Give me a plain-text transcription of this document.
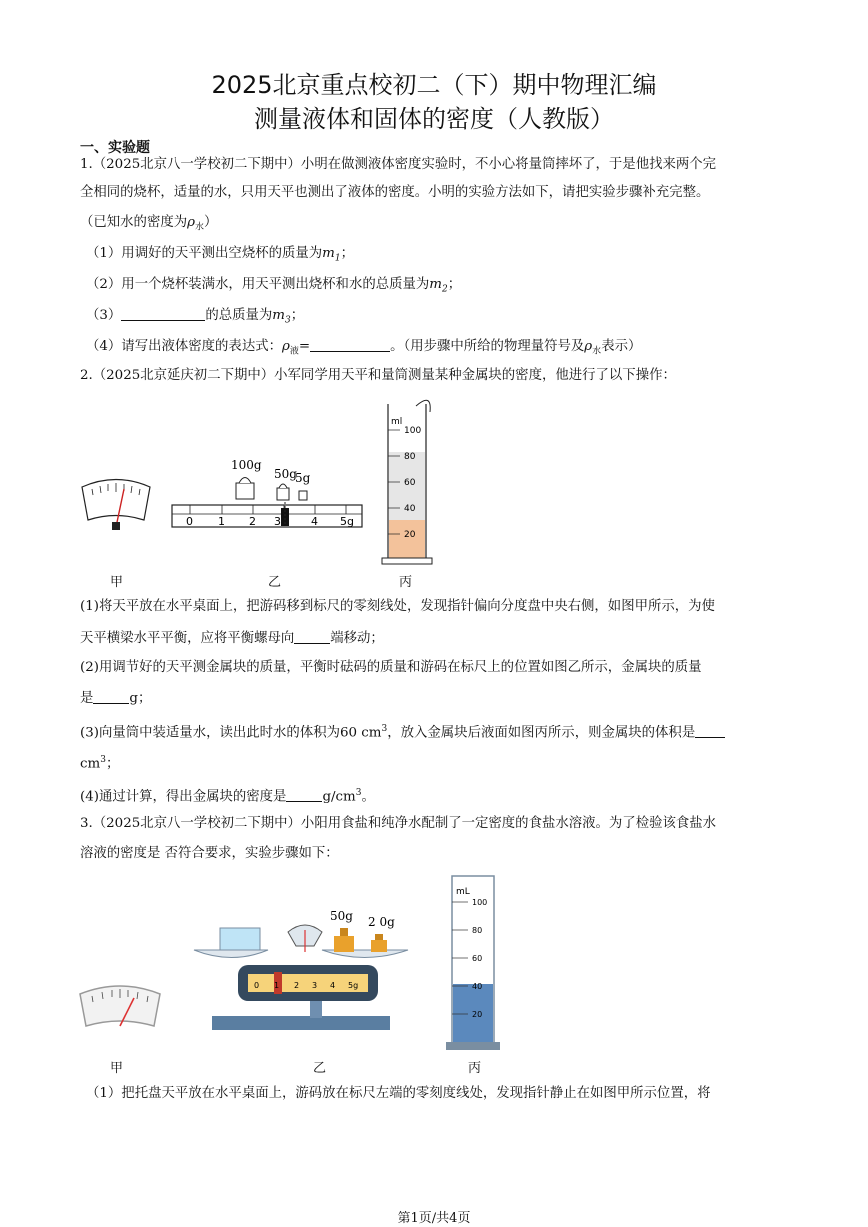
2025北京重点校初二（下）期中物理汇编
测量液体和固体的密度（人教版）
一、实验题
1.（2025北京八一学校初二下期中）小明在做测液体密度实验时，不小心将量筒摔坏了，于是他找来两个完
全相同的烧杯，适量的水，只用天平也测出了液体的密度。小明的实验方法如下，请把实验步骤补充完整。
（已知水的密度为$\rho_水$）
（1）用调好的天平测出空烧杯的质量为$m_1$；
（2）用一个烧杯装满水，用天平测出烧杯和水的总质量为$m_2$；
（3）	的总质量为$m_3$；
（4）请写出液体密度的表达式：$\rho_液=$	。（用步骤中所给的物理量符号及$\rho_水$表示）
2.（2025北京延庆初二下期中）小军同学用天平和量筒测量某种金属块的密度，他进行了以下操作：
100g
50g
5g
0 1 2 3	4 5g
ml
100
80
60
40
20
甲	乙	丙
(1)将天平放在水平桌面上，把游码移到标尺的零刻线处，发现指针偏向分度盘中央右侧，如图甲所示，为使
天平横梁水平平衡，应将平衡螺母向	端移动；
(2)用调节好的天平测金属块的质量，平衡时砝码的质量和游码在标尺上的位置如图乙所示，金属块的质量
是	g；
(3)向量筒中装适量水，读出此时水的体积为60 $cm^3$，放入金属块后液面如图丙所示，则金属块的体积是
$cm^3$；
(4)通过计算，得出金属块的密度是	$g/cm^3$。
3.（2025北京八一学校初二下期中）小阳用食盐和纯净水配制了一定密度的食盐水溶液。为了检验该食盐水
溶液的密度是 否符合要求，实验步骤如下：
50g 2 0g
0 1 2 3 4 5g
mL
100
80
60
40
20
甲	乙	丙
（1）把托盘天平放在水平桌面上，游码放在标尺左端的零刻度线处，发现指针静止在如图甲所示位置，将
第1页/共4页
